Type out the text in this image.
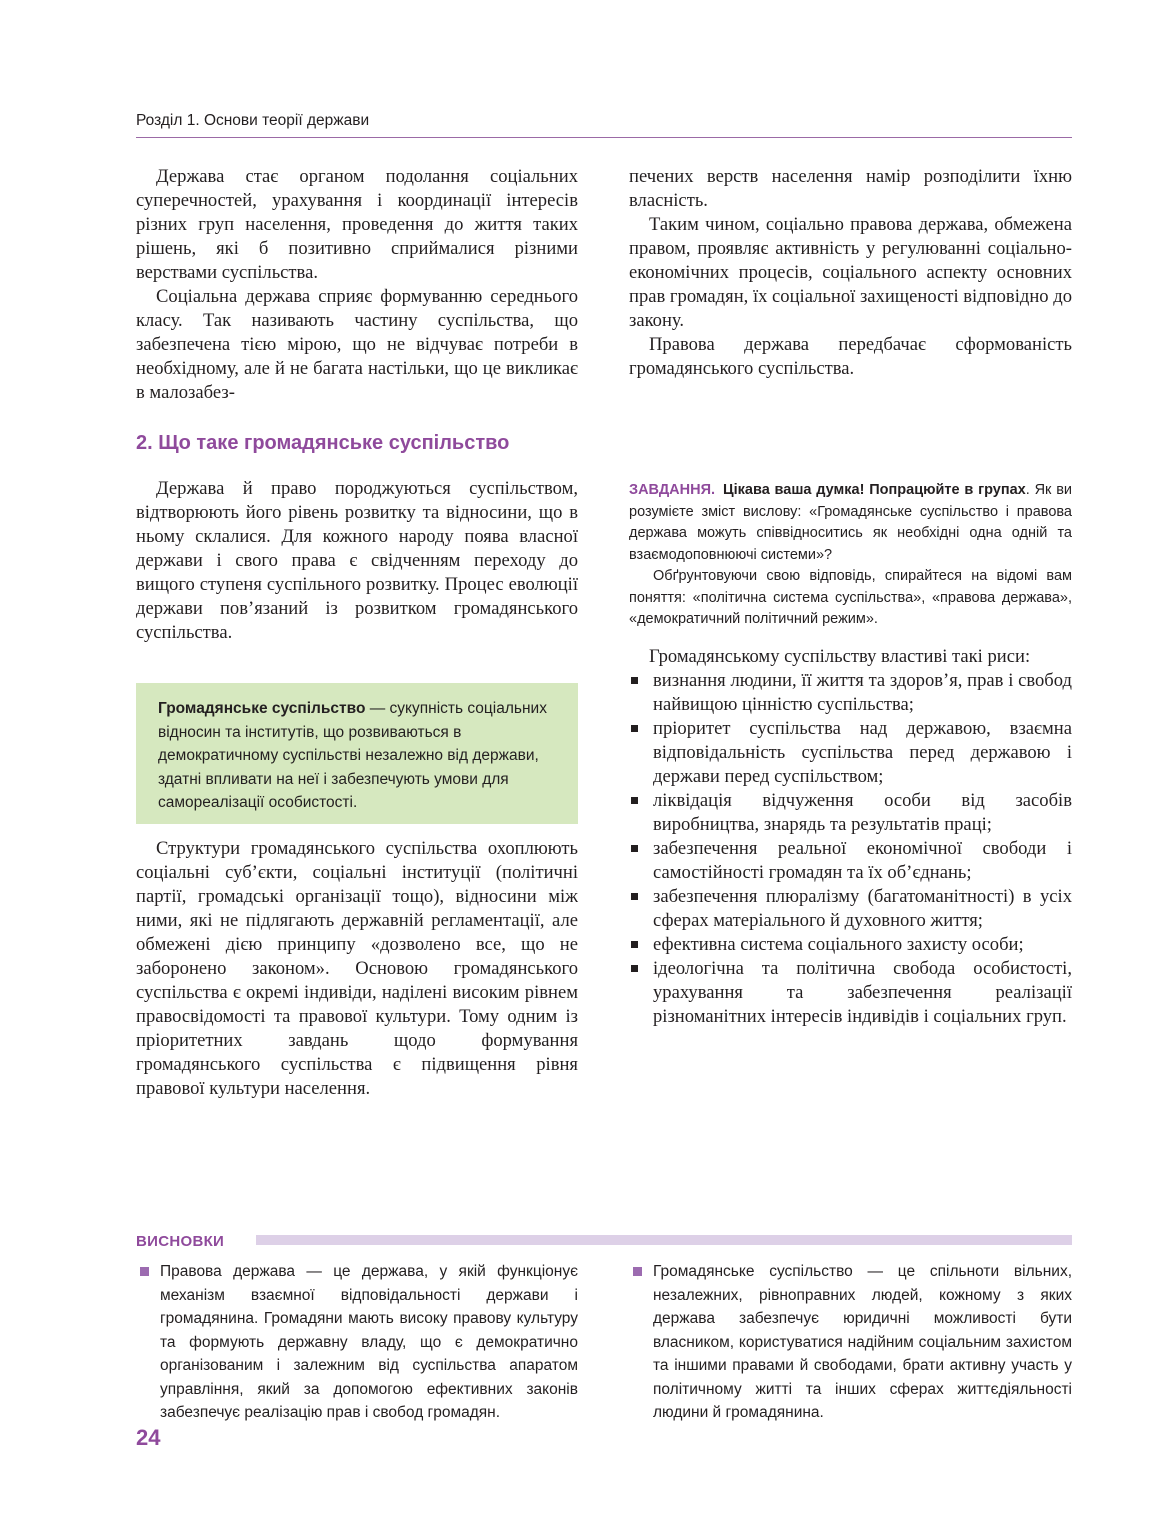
Розділ 1. Основи теорії держави

Держава стає органом подолання соціальних суперечностей, урахування і координації інтересів різних груп населення, проведення до життя таких рішень, які б позитивно сприймалися різними верствами суспільства.

Соціальна держава сприяє формуванню середнього класу. Так називають частину суспільства, що забезпечена тією мірою, що не відчуває потреби в необхідному, але й не багата настільки, що це викликає в малозабез-

печених верств населення намір розподілити їхню власність.

Таким чином, соціально правова держава, обмежена правом, проявляє активність у регулюванні соціально-економічних процесів, соціального аспекту основних прав громадян, їх соціальної захищеності відповідно до закону.

Правова держава передбачає сформованість громадянського суспільства.

2. Що таке громадянське суспільство

Держава й право породжуються суспільством, відтворюють його рівень розвитку та відносини, що в ньому склалися. Для кожного народу поява власної держави і свого права є свідченням переходу до вищого ступеня суспільного розвитку. Процес еволюції держави пов’язаний із розвитком громадянського суспільства.

Громадянське суспільство — сукупність соціальних відносин та інститутів, що розвиваються в демократичному суспільстві незалежно від держави, здатні впливати на неї і забезпечують умови для самореалізації особистості.

Структури громадянського суспільства охоплюють соціальні суб’єкти, соціальні інституції (політичні партії, громадські організації тощо), відносини між ними, які не підлягають державній регламентації, але обмежені дією принципу «дозволено все, що не заборонено законом». Основою громадянського суспільства є окремі індивіди, наділені високим рівнем правосвідомості та правової культури. Тому одним із пріоритетних завдань щодо формування громадянського суспільства є підвищення рівня правової культури населення.

ЗАВДАННЯ. Цікава ваша думка! Попрацюйте в групах. Як ви розумієте зміст вислову: «Громадянське суспільство і правова держава можуть співвідноситись як необхідні одна одній та взаємодоповнюючі системи»?

Обґрунтовуючи свою відповідь, спирайтеся на відомі вам поняття: «політична система суспільства», «правова держава», «демократичний політичний режим».

Громадянському суспільству властиві такі риси:

визнання людини, її життя та здоров’я, прав і свобод найвищою цінністю суспільства;
пріоритет суспільства над державою, взаємна відповідальність суспільства перед державою і держави перед суспільством;
ліквідація відчуження особи від засобів виробництва, знарядь та результатів праці;
забезпечення реальної економічної свободи і самостійності громадян та їх об’єднань;
забезпечення плюралізму (багатоманітності) в усіх сферах матеріального й духовного життя;
ефективна система соціального захисту особи;
ідеологічна та політична свобода особистості, урахування та забезпечення реалізації різноманітних інтересів індивідів і соціальних груп.
ВИСНОВКИ
Правова держава — це держава, у якій функціонує механізм взаємної відповідальності держави і громадянина. Громадяни мають високу правову культуру та формують державну владу, що є демократично організованим і залежним від суспільства апаратом управління, який за допомогою ефективних законів забезпечує реалізацію прав і свобод громадян.
Громадянське суспільство — це спільноти вільних, незалежних, рівноправних людей, кожному з яких держава забезпечує юридичні можливості бути власником, користуватися надійним соціальним захистом та іншими правами й свободами, брати активну участь у політичному житті та інших сферах життєдіяльності людини й громадянина.
24
